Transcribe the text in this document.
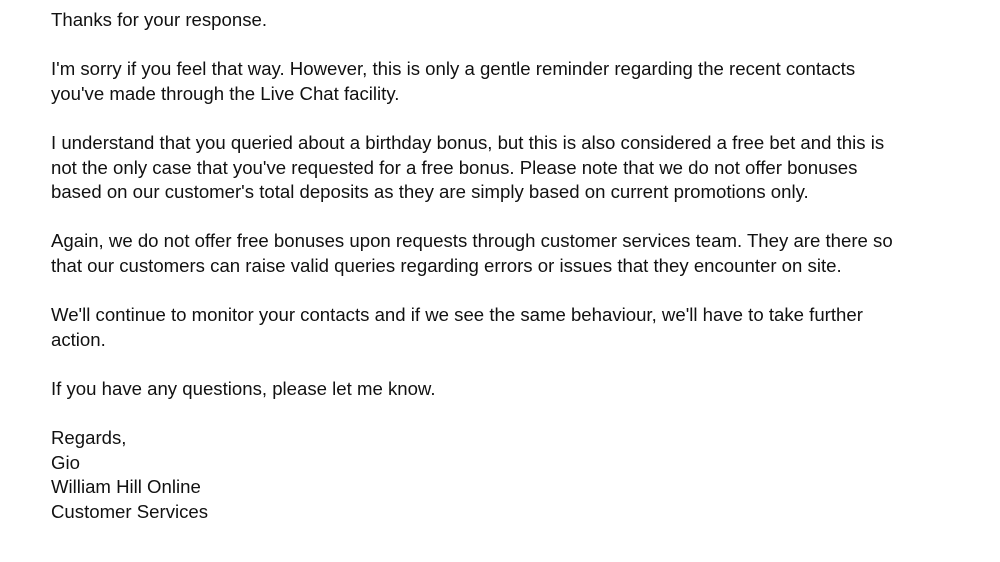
Thanks for your response.

I'm sorry if you feel that way. However, this is only a gentle reminder regarding the recent contacts
you've made through the Live Chat facility.

I understand that you queried about a birthday bonus, but this is also considered a free bet and this is
not the only case that you've requested for a free bonus. Please note that we do not offer bonuses
based on our customer's total deposits as they are simply based on current promotions only.

Again, we do not offer free bonuses upon requests through customer services team. They are there so
that our customers can raise valid queries regarding errors or issues that they encounter on site.

We'll continue to monitor your contacts and if we see the same behaviour, we'll have to take further
action.

If you have any questions, please let me know.

Regards,
Gio
William Hill Online
Customer Services
